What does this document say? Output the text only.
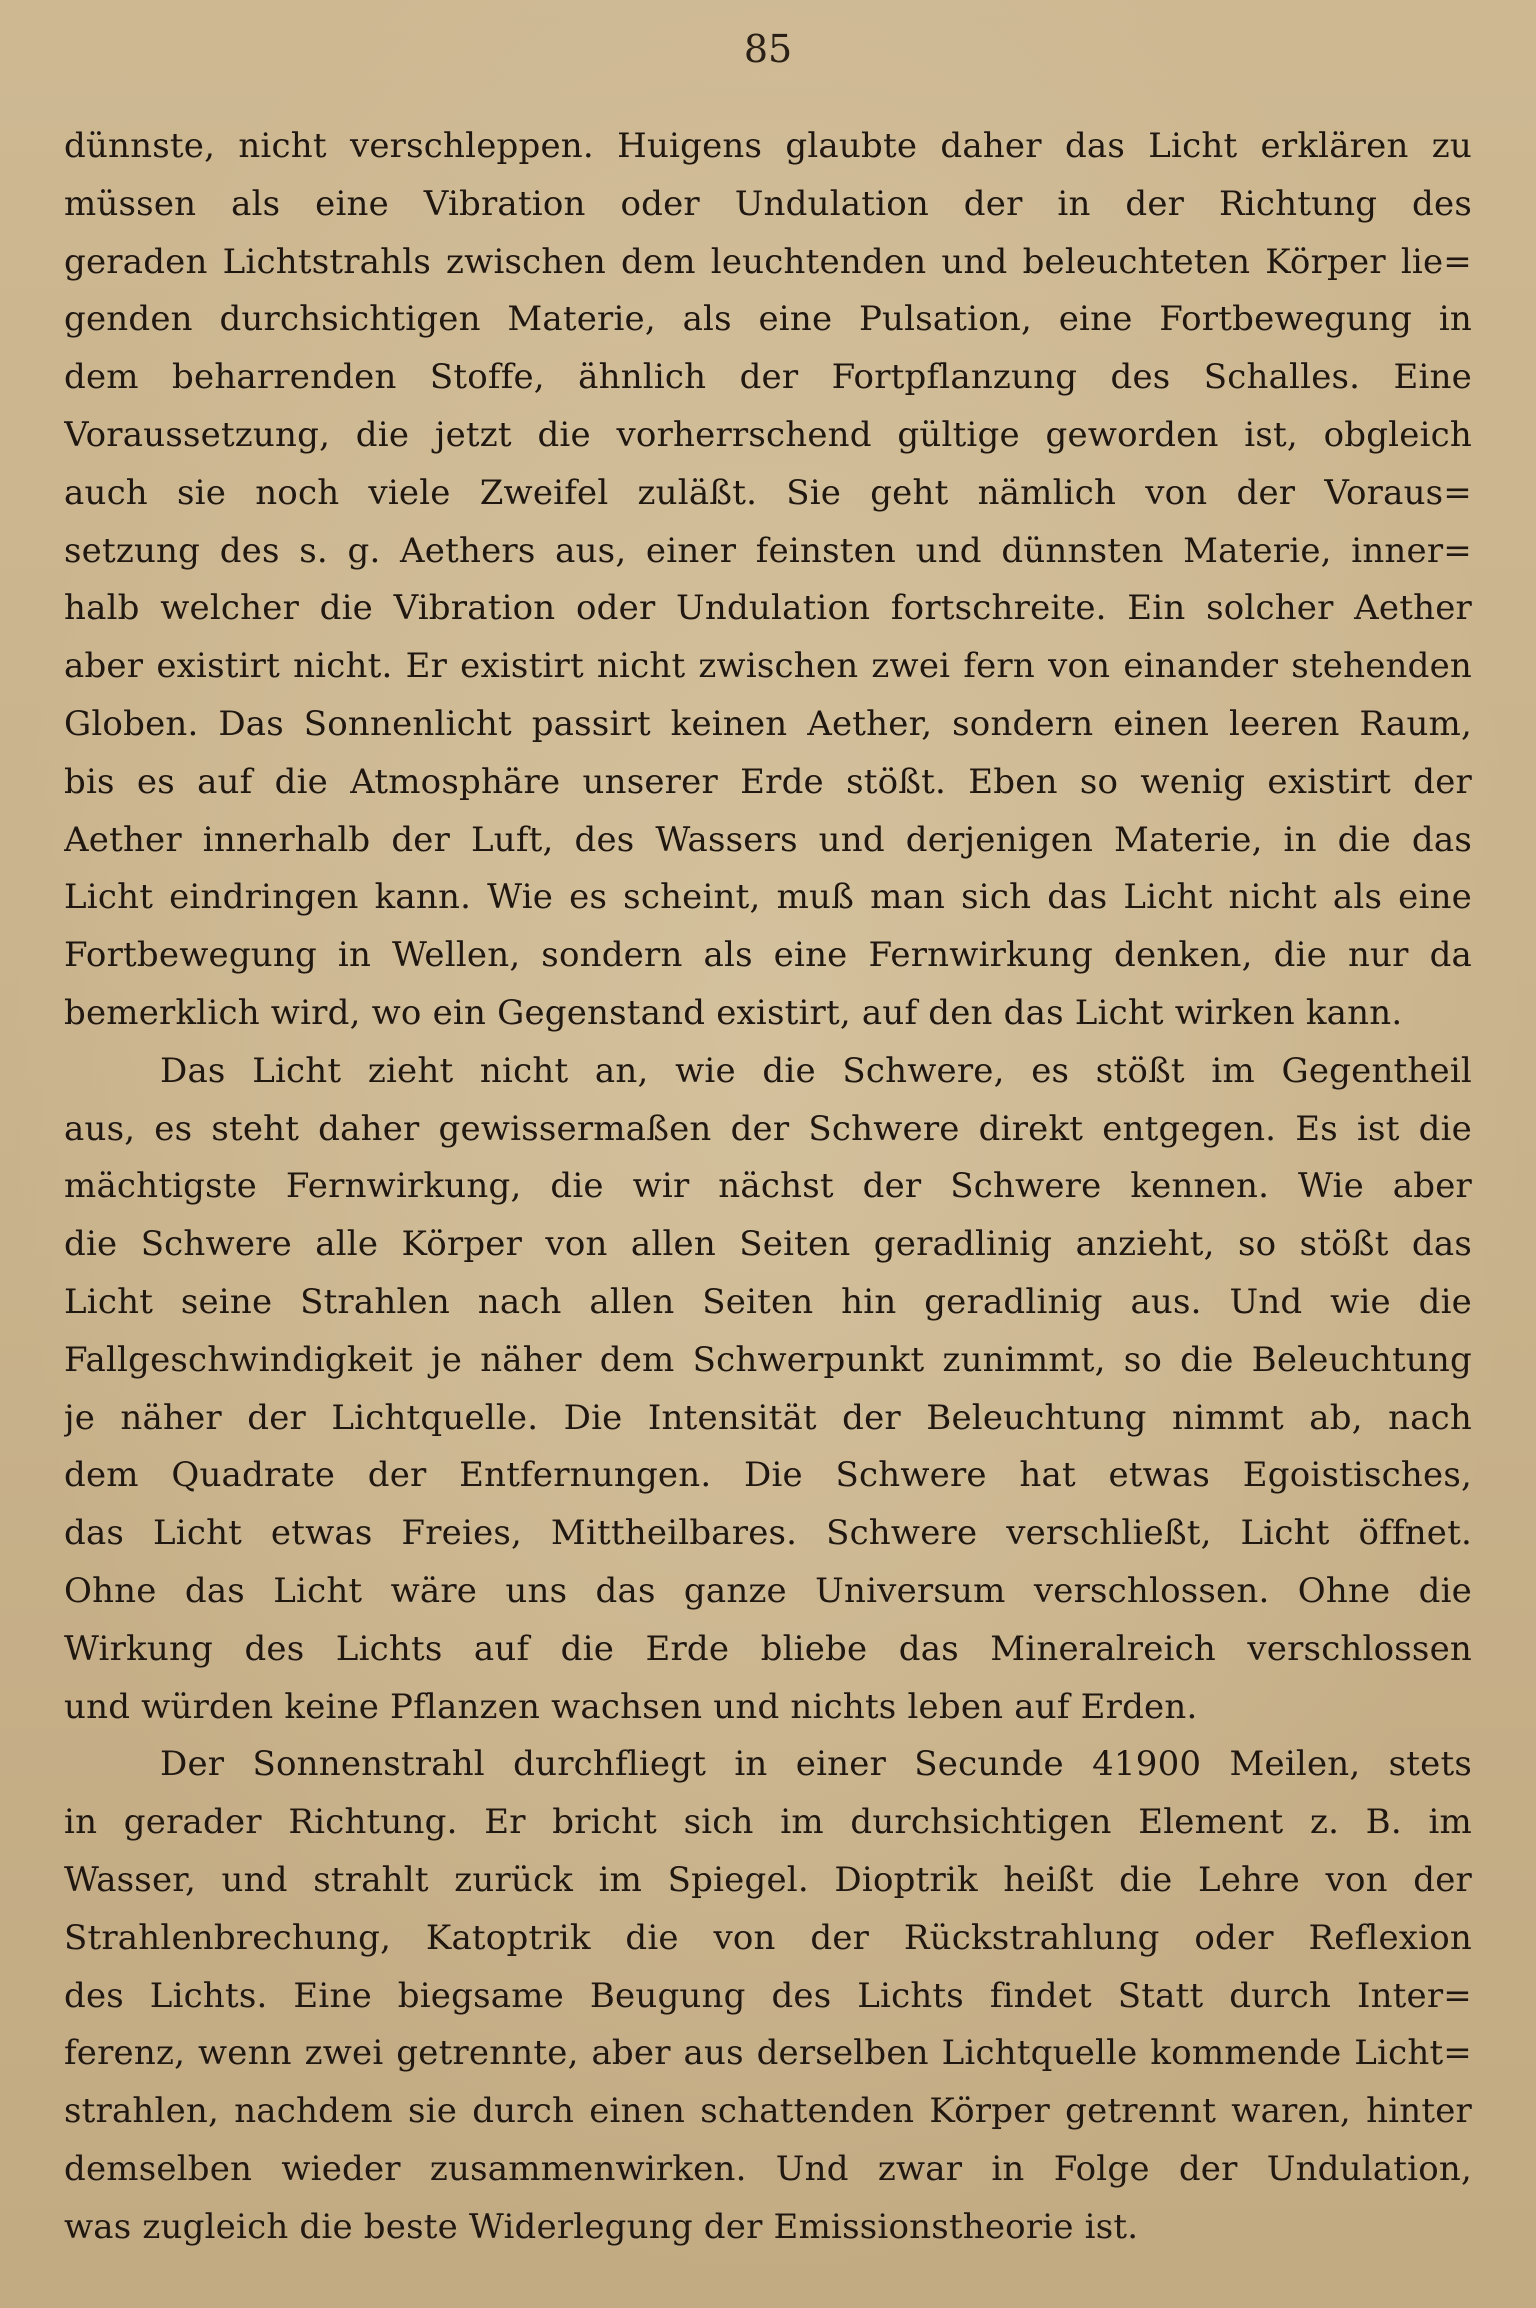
85
dünnste, nicht verschleppen. Huigens glaubte daher das Licht erklären zu
müssen als eine Vibration oder Undulation der in der Richtung des
geraden Lichtstrahls zwischen dem leuchtenden und beleuchteten Körper lie=
genden durchsichtigen Materie, als eine Pulsation, eine Fortbewegung in
dem beharrenden Stoffe, ähnlich der Fortpflanzung des Schalles. Eine
Voraussetzung, die jetzt die vorherrschend gültige geworden ist, obgleich
auch sie noch viele Zweifel zuläßt. Sie geht nämlich von der Voraus=
setzung des s. g. Aethers aus, einer feinsten und dünnsten Materie, inner=
halb welcher die Vibration oder Undulation fortschreite. Ein solcher Aether
aber existirt nicht. Er existirt nicht zwischen zwei fern von einander stehenden
Globen. Das Sonnenlicht passirt keinen Aether, sondern einen leeren Raum,
bis es auf die Atmosphäre unserer Erde stößt. Eben so wenig existirt der
Aether innerhalb der Luft, des Wassers und derjenigen Materie, in die das
Licht eindringen kann. Wie es scheint, muß man sich das Licht nicht als eine
Fortbewegung in Wellen, sondern als eine Fernwirkung denken, die nur da
bemerklich wird, wo ein Gegenstand existirt, auf den das Licht wirken kann.
Das Licht zieht nicht an, wie die Schwere, es stößt im Gegentheil
aus, es steht daher gewissermaßen der Schwere direkt entgegen. Es ist die
mächtigste Fernwirkung, die wir nächst der Schwere kennen. Wie aber
die Schwere alle Körper von allen Seiten geradlinig anzieht, so stößt das
Licht seine Strahlen nach allen Seiten hin geradlinig aus. Und wie die
Fallgeschwindigkeit je näher dem Schwerpunkt zunimmt, so die Beleuchtung
je näher der Lichtquelle. Die Intensität der Beleuchtung nimmt ab, nach
dem Quadrate der Entfernungen. Die Schwere hat etwas Egoistisches,
das Licht etwas Freies, Mittheilbares. Schwere verschließt, Licht öffnet.
Ohne das Licht wäre uns das ganze Universum verschlossen. Ohne die
Wirkung des Lichts auf die Erde bliebe das Mineralreich verschlossen
und würden keine Pflanzen wachsen und nichts leben auf Erden.
Der Sonnenstrahl durchfliegt in einer Secunde 41900 Meilen, stets
in gerader Richtung. Er bricht sich im durchsichtigen Element z. B. im
Wasser, und strahlt zurück im Spiegel. Dioptrik heißt die Lehre von der
Strahlenbrechung, Katoptrik die von der Rückstrahlung oder Reflexion
des Lichts. Eine biegsame Beugung des Lichts findet Statt durch Inter=
ferenz, wenn zwei getrennte, aber aus derselben Lichtquelle kommende Licht=
strahlen, nachdem sie durch einen schattenden Körper getrennt waren, hinter
demselben wieder zusammenwirken. Und zwar in Folge der Undulation,
was zugleich die beste Widerlegung der Emissionstheorie ist.
